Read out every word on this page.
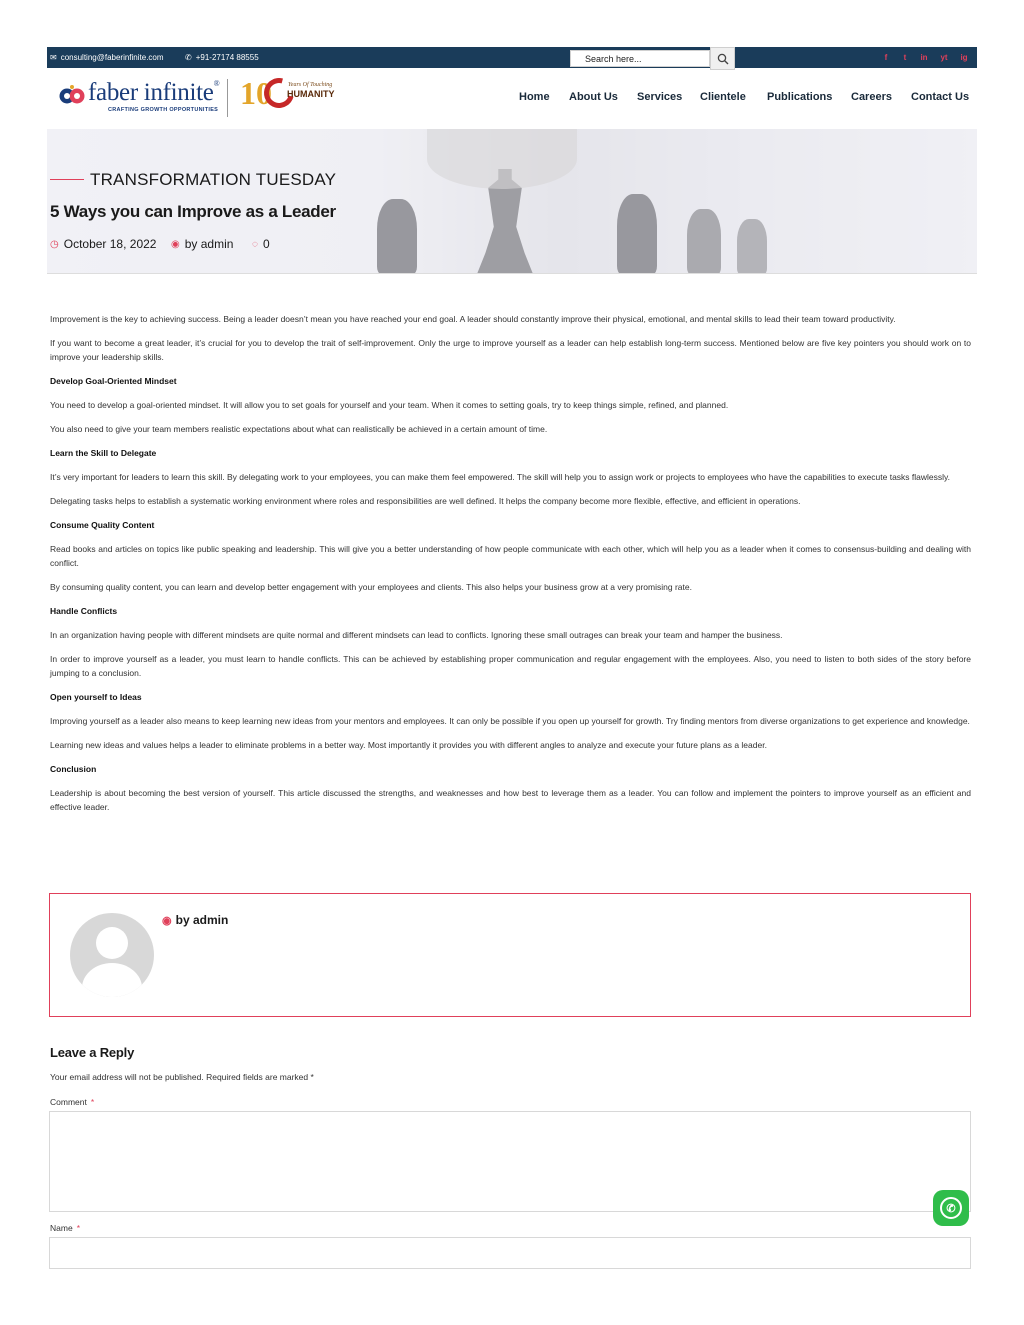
✉ consulting@faberinfinite.com	✆ +91-27174 88555	Search here...	f	t	in	yt	ig
faber infinite®
CRAFTING GROWTH OPPORTUNITIES 10	Years Of Touching
HUMANITY	Home About Us Services Clientele Publications Careers Contact Us
TRANSFORMATION TUESDAY
5 Ways you can Improve as a Leader
◷ October 18, 2022 ◉ by admin ◌ 0

Improvement is the key to achieving success. Being a leader doesn’t mean you have reached your end goal. A leader should constantly improve their physical, emotional, and mental skills to lead their team toward productivity.

If you want to become a great leader, it’s crucial for you to develop the trait of self-improvement. Only the urge to improve yourself as a leader can help establish long-term success. Mentioned below are five key pointers you should work on to improve your leadership skills.

Develop Goal-Oriented Mindset

You need to develop a goal-oriented mindset. It will allow you to set goals for yourself and your team. When it comes to setting goals, try to keep things simple, refined, and planned.

You also need to give your team members realistic expectations about what can realistically be achieved in a certain amount of time.

Learn the Skill to Delegate

It’s very important for leaders to learn this skill. By delegating work to your employees, you can make them feel empowered. The skill will help you to assign work or projects to employees who have the capabilities to execute tasks flawlessly.

Delegating tasks helps to establish a systematic working environment where roles and responsibilities are well defined. It helps the company become more flexible, effective, and efficient in operations.

Consume Quality Content

Read books and articles on topics like public speaking and leadership. This will give you a better understanding of how people communicate with each other, which will help you as a leader when it comes to consensus-building and dealing with conflict.

By consuming quality content, you can learn and develop better engagement with your employees and clients. This also helps your business grow at a very promising rate.

Handle Conflicts

In an organization having people with different mindsets are quite normal and different mindsets can lead to conflicts. Ignoring these small outrages can break your team and hamper the business.

In order to improve yourself as a leader, you must learn to handle conflicts. This can be achieved by establishing proper communication and regular engagement with the employees. Also, you need to listen to both sides of the story before jumping to a conclusion.

Open yourself to Ideas

Improving yourself as a leader also means to keep learning new ideas from your mentors and employees. It can only be possible if you open up yourself for growth. Try finding mentors from diverse organizations to get experience and knowledge.

Learning new ideas and values helps a leader to eliminate problems in a better way. Most importantly it provides you with different angles to analyze and execute your future plans as a leader.

Conclusion

Leadership is about becoming the best version of yourself. This article discussed the strengths, and weaknesses and how best to leverage them as a leader. You can follow and implement the pointers to improve yourself as an efficient and effective leader.

◉ by admin
Leave a Reply
Your email address will not be published. Required fields are marked *
Comment *
Name *
✆
